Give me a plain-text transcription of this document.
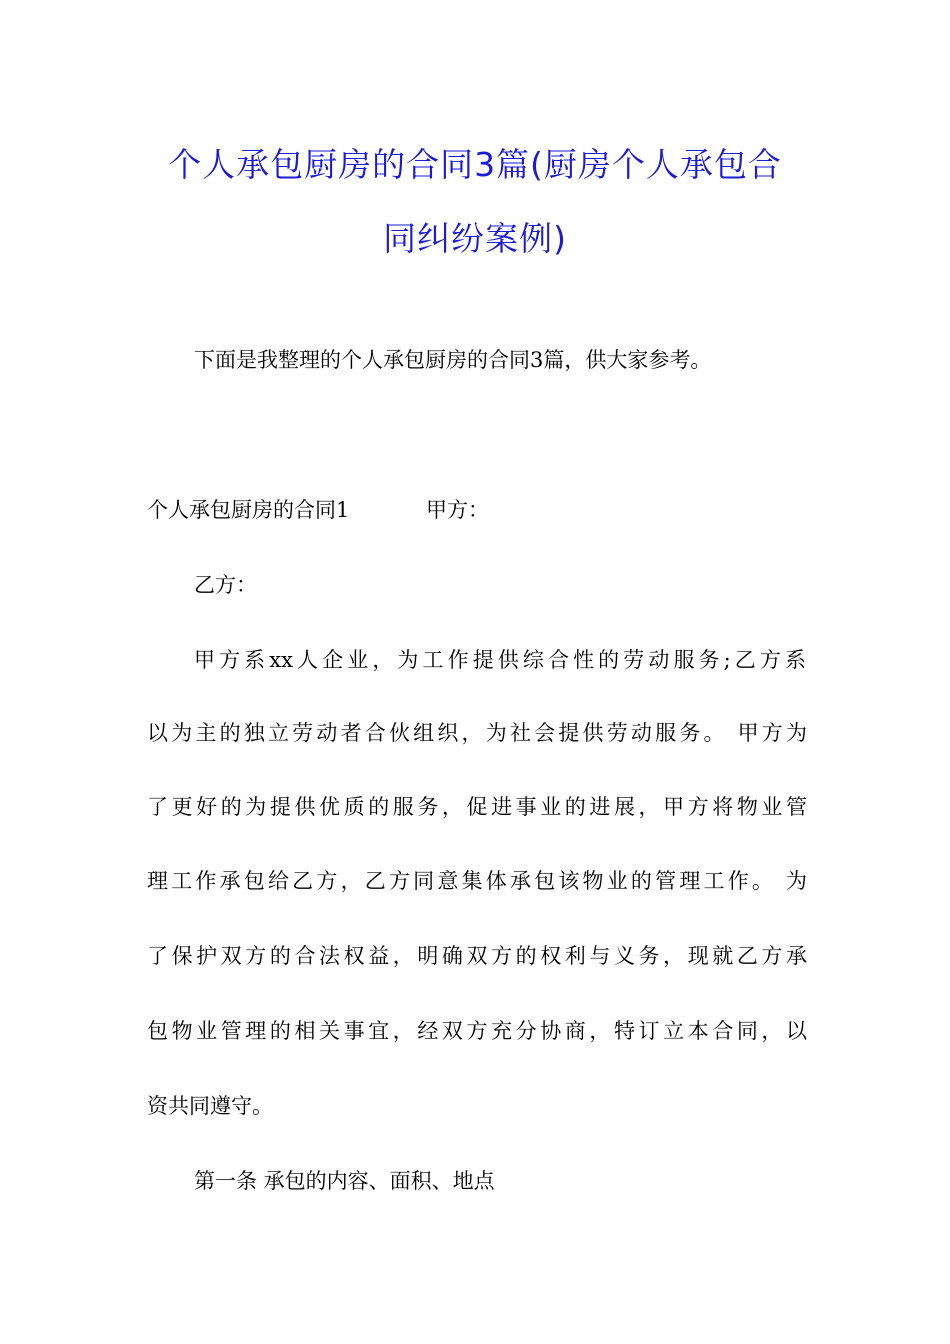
个人承包厨房的合同3篇(厨房个人承包合
同纠纷案例)
下面是我整理的个人承包厨房的合同3篇，供大家参考。
个人承包厨房的合同1	甲方：
乙方：
甲方系xx人企业，为工作提供综合性的劳动服务;乙方系
以为主的独立劳动者合伙组织，为社会提供劳动服务。 甲方为
了更好的为提供优质的服务，促进事业的进展，甲方将物业管
理工作承包给乙方，乙方同意集体承包该物业的管理工作。 为
了保护双方的合法权益，明确双方的权利与义务，现就乙方承
包物业管理的相关事宜，经双方充分协商，特订立本合同，以
资共同遵守。
第一条 承包的内容、面积、地点
